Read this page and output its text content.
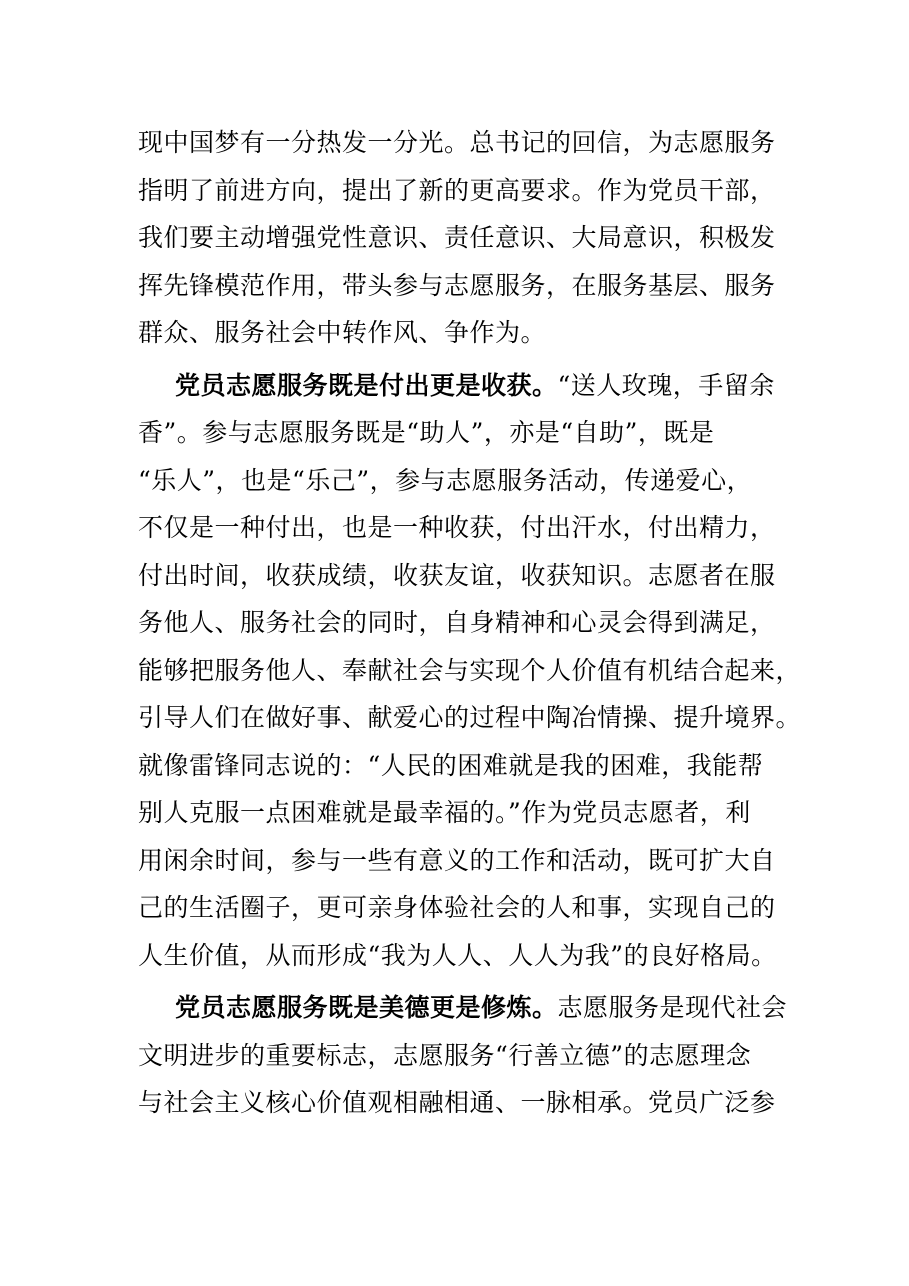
现中国梦有一分热发一分光。总书记的回信，为志愿服务
指明了前进方向，提出了新的更高要求。作为党员干部，
我们要主动增强党性意识、责任意识、大局意识，积极发
挥先锋模范作用，带头参与志愿服务，在服务基层、服务
群众、服务社会中转作风、争作为。
党员志愿服务既是付出更是收获。“送人玫瑰，手留余
香”。参与志愿服务既是“助人”，亦是“自助”，既是
“乐人”，也是“乐己”，参与志愿服务活动，传递爱心，
不仅是一种付出，也是一种收获，付出汗水，付出精力，
付出时间，收获成绩，收获友谊，收获知识。志愿者在服
务他人、服务社会的同时，自身精神和心灵会得到满足，
能够把服务他人、奉献社会与实现个人价值有机结合起来，
引导人们在做好事、献爱心的过程中陶冶情操、提升境界。
就像雷锋同志说的：“人民的困难就是我的困难，我能帮
别人克服一点困难就是最幸福的。”作为党员志愿者，利
用闲余时间，参与一些有意义的工作和活动，既可扩大自
己的生活圈子，更可亲身体验社会的人和事，实现自己的
人生价值，从而形成“我为人人、人人为我”的良好格局。
党员志愿服务既是美德更是修炼。志愿服务是现代社会
文明进步的重要标志，志愿服务“行善立德”的志愿理念
与社会主义核心价值观相融相通、一脉相承。党员广泛参
